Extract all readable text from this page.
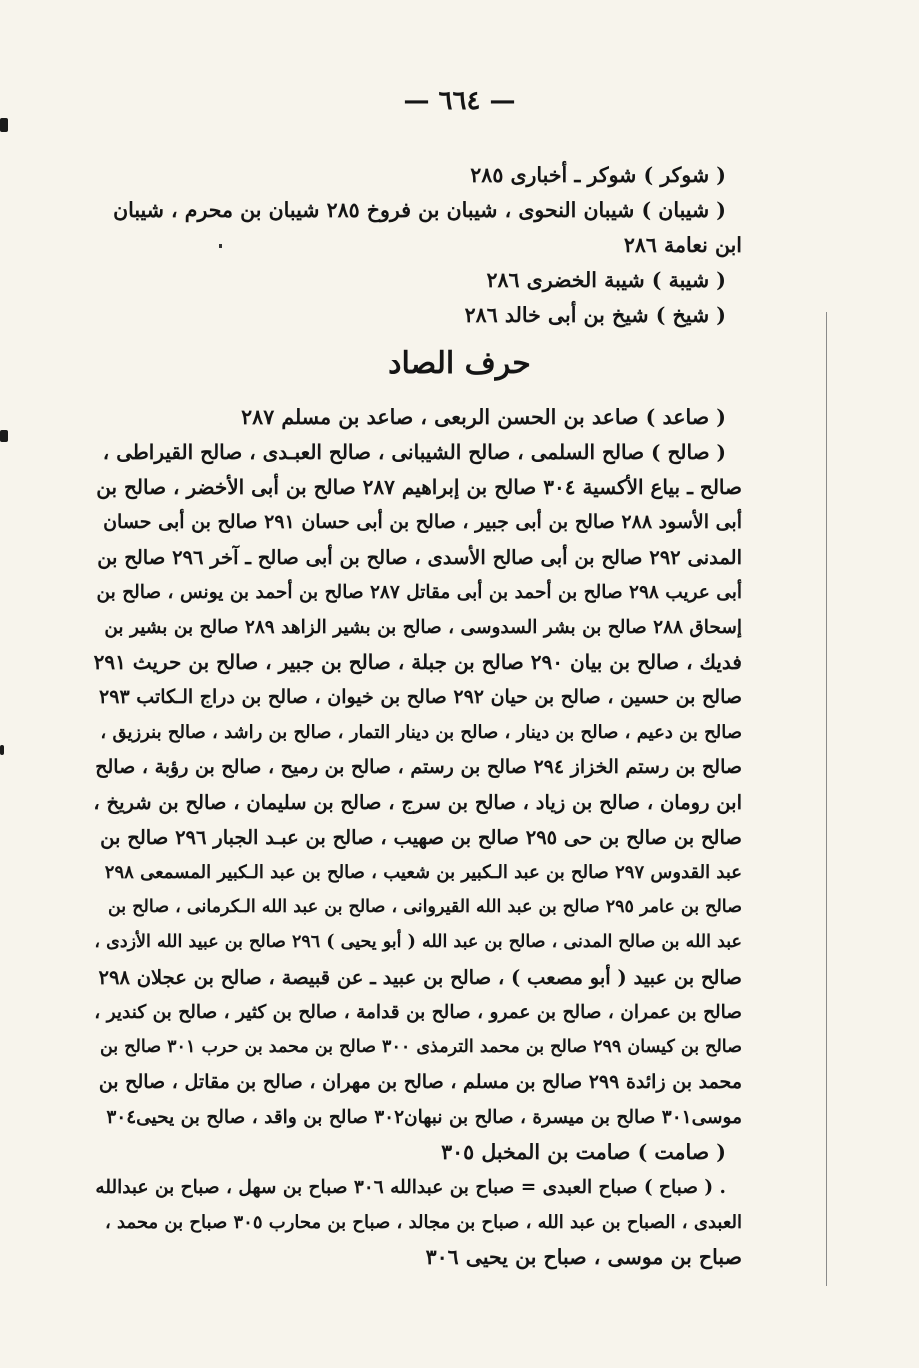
— ٦٦٤ —
( شوكر ) شوكر ـ أخبارى ٢٨٥
( شيبان ) شيبان النحوى ، شيبان بن فروخ ٢٨٥ شيبان بن محرم ، شيبان
ابن نعامة ٢٨٦
( شيبة ) شيبة الخضرى ٢٨٦
( شيخ ) شيخ بن أبى خالد ٢٨٦
حرف الصاد
( صاعد ) صاعد بن الحسن الربعى ، صاعد بن مسلم ٢٨٧
( صالح ) صالح السلمى ، صالح الشيبانى ، صالح العبـدى ، صالح القيراطى ،
صالح ـ بياع الأكسية ٣٠٤ صالح بن إبراهيم ٢٨٧ صالح بن أبى الأخضر ، صالح بن
أبى الأسود ٢٨٨ صالح بن أبى جبير ، صالح بن أبى حسان ٢٩١ صالح بن أبى حسان
المدنى ٢٩٢ صالح بن أبى صالح الأسدى ، صالح بن أبى صالح ـ آخر ٢٩٦ صالح بن
أبى عريب ٢٩٨ صالح بن أحمد بن أبى مقاتل ٢٨٧ صالح بن أحمد بن يونس ، صالح بن
إسحاق ٢٨٨ صالح بن بشر السدوسى ، صالح بن بشير الزاهد ٢٨٩ صالح بن بشير بن
فديك ، صالح بن بيان ٢٩٠ صالح بن جبلة ، صالح بن جبير ، صالح بن حريث ٢٩١
صالح بن حسين ، صالح بن حيان ٢٩٢ صالح بن خيوان ، صالح بن دراج الـكاتب ٢٩٣
صالح بن دعيم ، صالح بن دينار ، صالح بن دينار التمار ، صالح بن راشد ، صالح بنرزيق ،
صالح بن رستم الخزاز ٢٩٤ صالح بن رستم ، صالح بن رميح ، صالح بن رؤبة ، صالح
ابن رومان ، صالح بن زياد ، صالح بن سرج ، صالح بن سليمان ، صالح بن شريخ ،
صالح بن صالح بن حى ٢٩٥ صالح بن صهيب ، صالح بن عبـد الجبار ٢٩٦ صالح بن
عبد القدوس ٢٩٧ صالح بن عبد الـكبير بن شعيب ، صالح بن عبد الـكبير المسمعى ٢٩٨
صالح بن عامر ٢٩٥ صالح بن عبد الله القيروانى ، صالح بن عبد الله الـكرمانى ، صالح بن
عبد الله بن صالح المدنى ، صالح بن عبد الله ( أبو يحيى ) ٢٩٦ صالح بن عبيد الله الأزدى ،
صالح بن عبيد ( أبو مصعب ) ، صالح بن عبيد ـ عن قبيصة ، صالح بن عجلان ٢٩٨
صالح بن عمران ، صالح بن عمرو ، صالح بن قدامة ، صالح بن كثير ، صالح بن كندير ،
صالح بن كيسان ٢٩٩ صالح بن محمد الترمذى ٣٠٠ صالح بن محمد بن حرب ٣٠١ صالح بن
محمد بن زائدة ٢٩٩ صالح بن مسلم ، صالح بن مهران ، صالح بن مقاتل ، صالح بن
موسى٣٠١ صالح بن ميسرة ، صالح بن نبهان٣٠٢ صالح بن واقد ، صالح بن يحيى٣٠٤
( صامت ) صامت بن المخبل ٣٠٥
. ( صباح ) صباح العبدى = صباح بن عبدالله ٣٠٦ صباح بن سهل ، صباح بن عبدالله
العبدى ، الصباح بن عبد الله ، صباح بن مجالد ، صباح بن محارب ٣٠٥ صباح بن محمد ،
صباح بن موسى ، صباح بن يحيى ٣٠٦
